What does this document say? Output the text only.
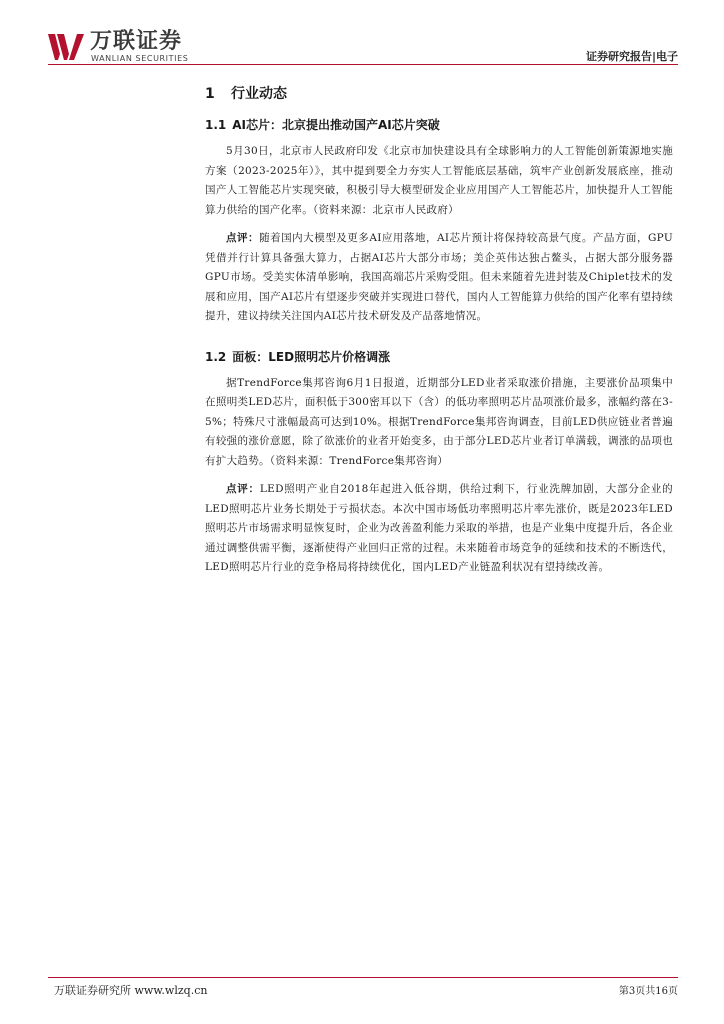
万联证券
WANLIAN SECURITIES	证券研究报告|电子
1 行业动态
1.1 AI芯片：北京提出推动国产AI芯片突破

5月30日，北京市人民政府印发《北京市加快建设具有全球影响力的人工智能创新策源地实施方案（2023-2025年）》，其中提到要全力夯实人工智能底层基础，筑牢产业创新发展底座，推动国产人工智能芯片实现突破，积极引导大模型研发企业应用国产人工智能芯片，加快提升人工智能算力供给的国产化率。（资料来源：北京市人民政府）

点评：随着国内大模型及更多AI应用落地，AI芯片预计将保持较高景气度。产品方面，GPU凭借并行计算具备强大算力，占据AI芯片大部分市场；美企英伟达独占鳌头，占据大部分服务器GPU市场。受美实体清单影响，我国高端芯片采购受阻。但未来随着先进封装及Chiplet技术的发展和应用，国产AI芯片有望逐步突破并实现进口替代，国内人工智能算力供给的国产化率有望持续提升，建议持续关注国内AI芯片技术研发及产品落地情况。

1.2 面板：LED照明芯片价格调涨

据TrendForce集邦咨询6月1日报道，近期部分LED业者采取涨价措施，主要涨价品项集中在照明类LED芯片，面积低于300密耳以下（含）的低功率照明芯片品项涨价最多，涨幅约落在3-5%；特殊尺寸涨幅最高可达到10%。根据TrendForce集邦咨询调查，目前LED供应链业者普遍有较强的涨价意愿，除了欲涨价的业者开始变多，由于部分LED芯片业者订单满载，调涨的品项也有扩大趋势。（资料来源：TrendForce集邦咨询）

点评：LED照明产业自2018年起进入低谷期，供给过剩下，行业洗牌加剧，大部分企业的LED照明芯片业务长期处于亏损状态。本次中国市场低功率照明芯片率先涨价，既是2023年LED照明芯片市场需求明显恢复时，企业为改善盈利能力采取的举措，也是产业集中度提升后，各企业通过调整供需平衡，逐渐使得产业回归正常的过程。未来随着市场竞争的延续和技术的不断迭代，LED照明芯片行业的竞争格局将持续优化，国内LED产业链盈利状况有望持续改善。

万联证券研究所 www.wlzq.cn	第3页共16页
